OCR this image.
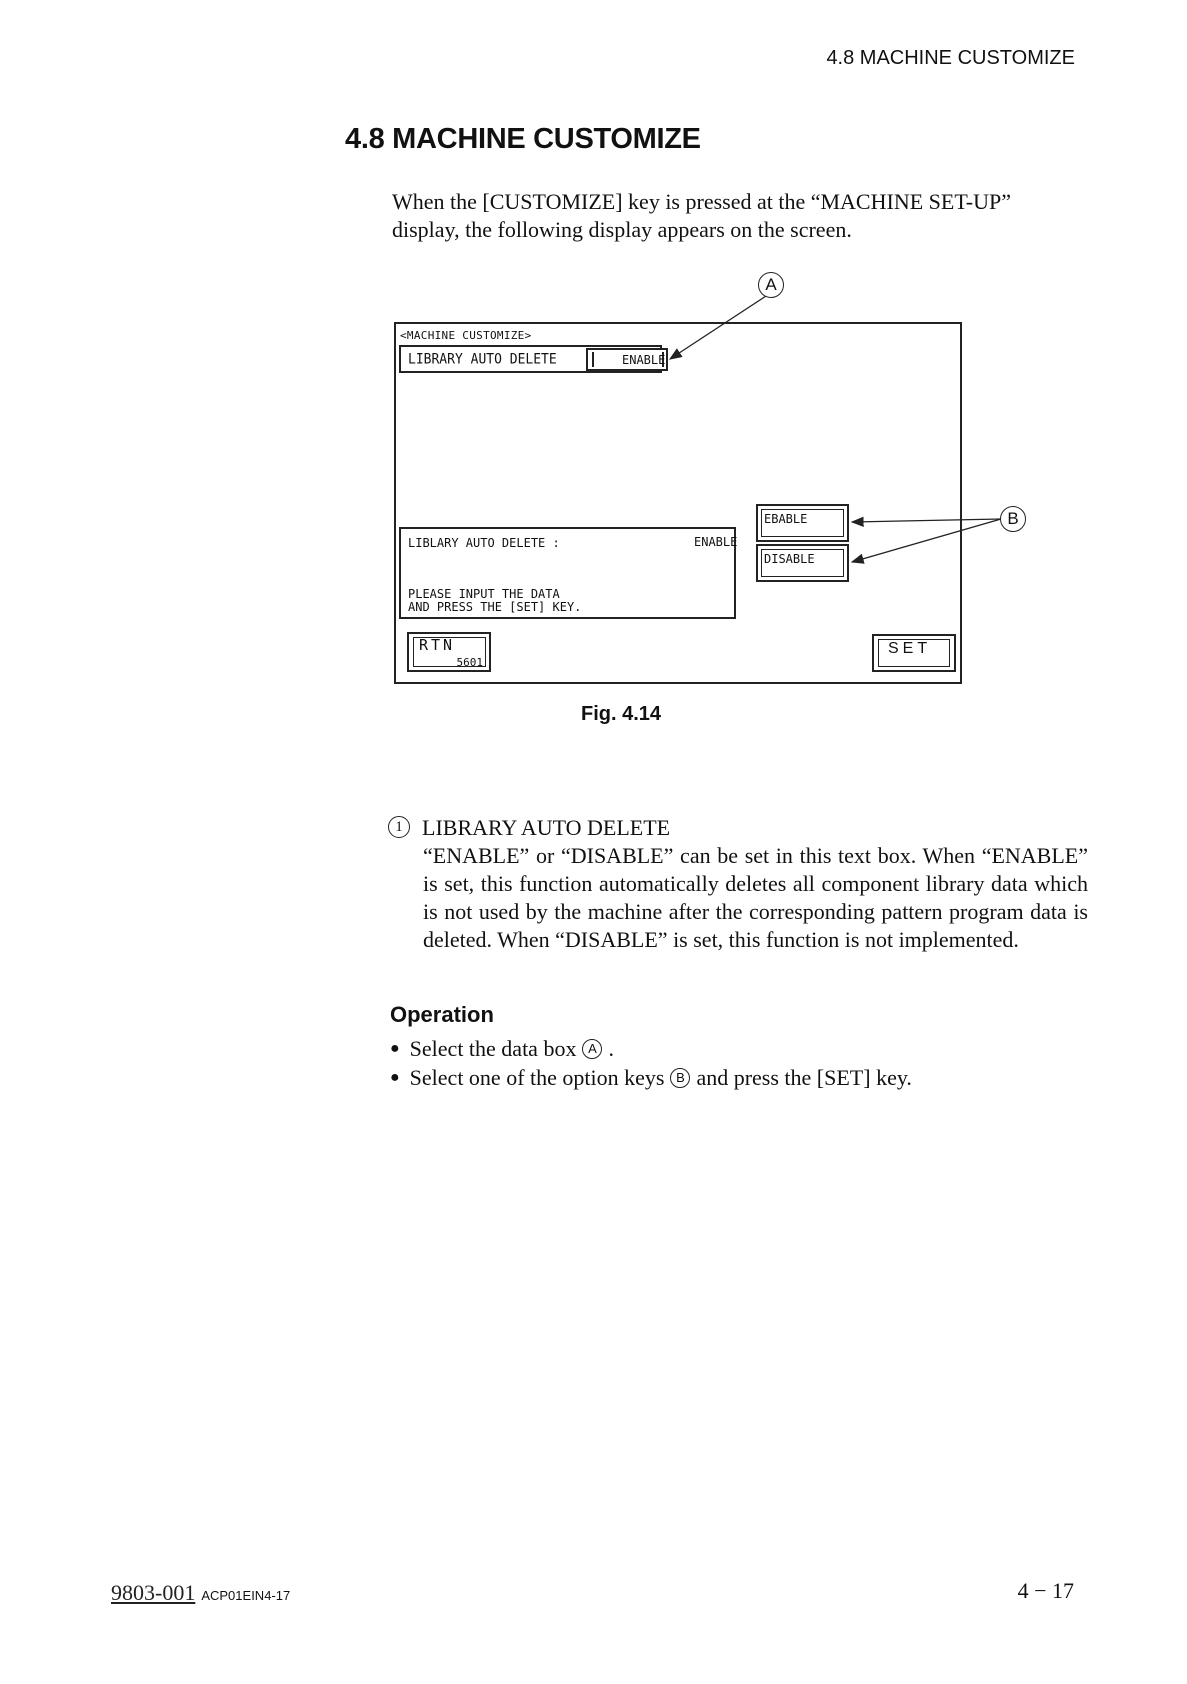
4.8 MACHINE CUSTOMIZE
4.8 MACHINE CUSTOMIZE
When the [CUSTOMIZE] key is pressed at the “MACHINE SET-UP” display, the following display appears on the screen.
<MACHINE CUSTOMIZE>
LIBRARY AUTO DELETE	ENABLE
LIBLARY AUTO DELETE :	ENABLE
PLEASE INPUT THE DATA
AND PRESS THE [SET] KEY.
EBABLE
DISABLE
RTN
5601
SET
A
B
Fig. 4.14
1 LIBRARY AUTO DELETE
“ENABLE” or “DISABLE” can be set in this text box. When “ENABLE” is set, this function automatically deletes all component library data which is not used by the machine after the corresponding pattern program data is deleted. When “DISABLE” is set, this function is not implemented.
Operation
● Select the data box A .
● Select one of the option keys B and press the [SET] key.
9803-001 ACP01EIN4-17	4 − 17
